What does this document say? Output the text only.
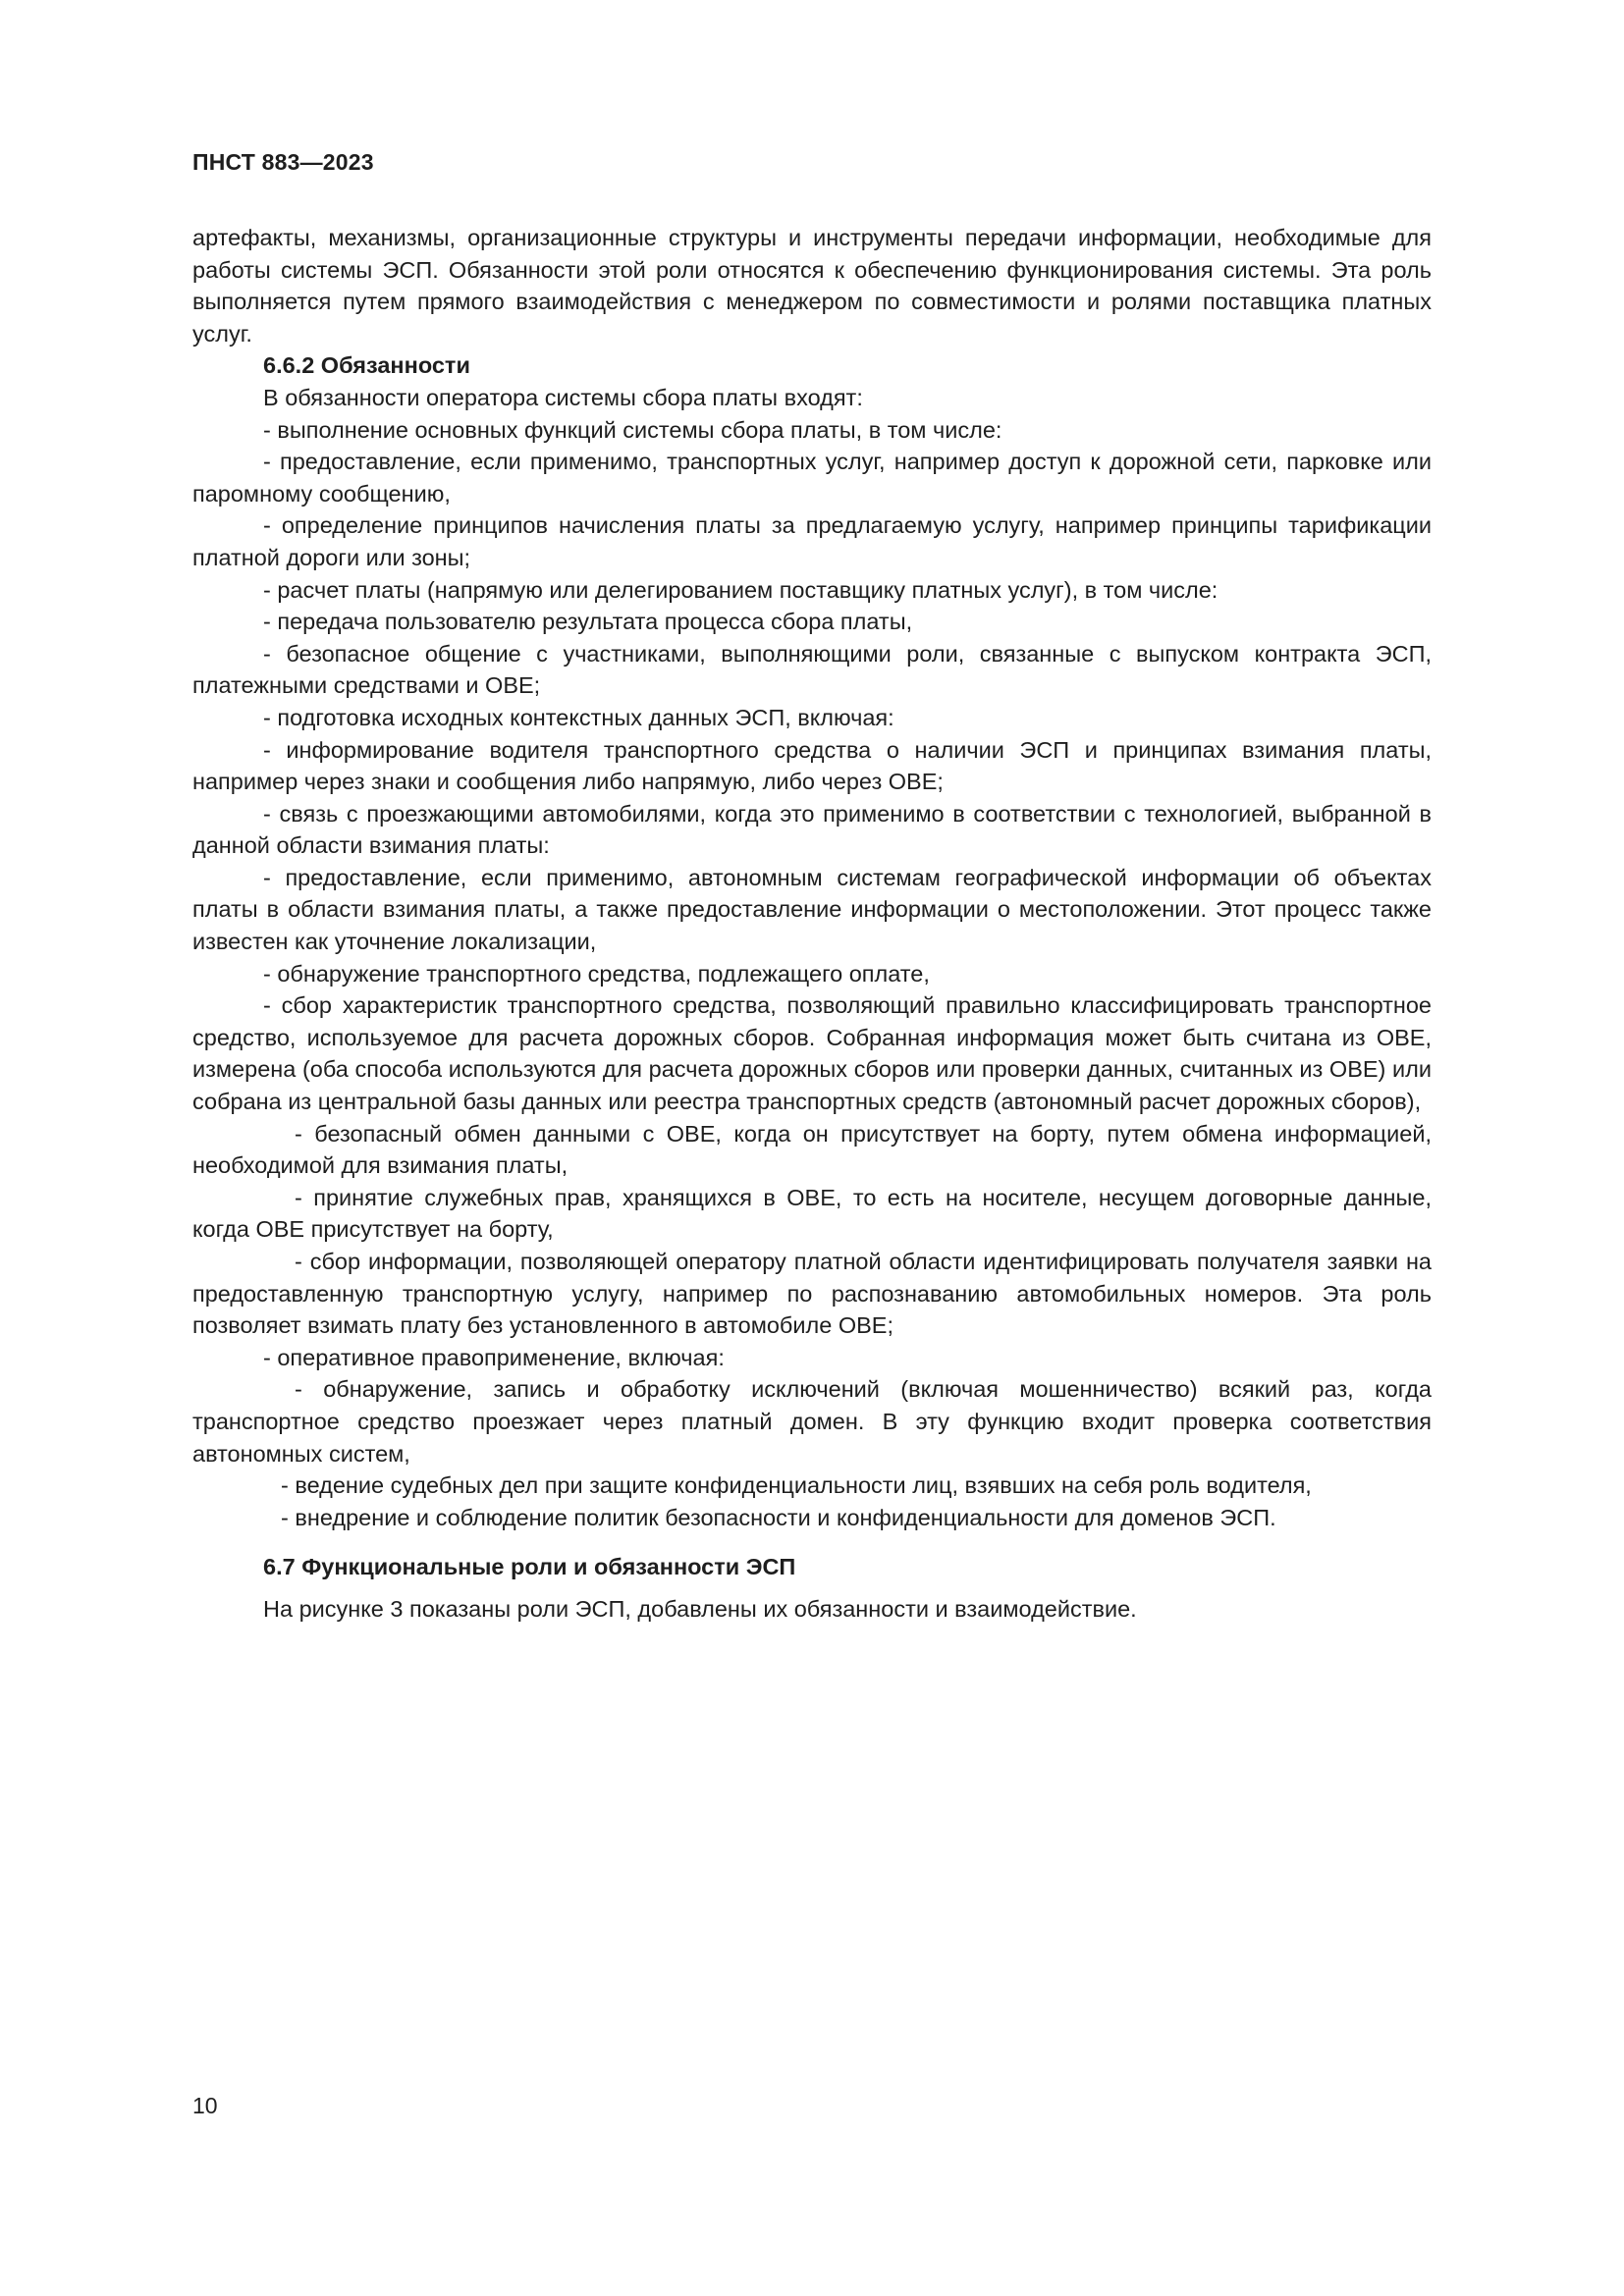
ПНСТ 883—2023

артефакты, механизмы, организационные структуры и инструменты передачи информации, необходимые для работы системы ЭСП. Обязанности этой роли относятся к обеспечению функционирования системы. Эта роль выполняется путем прямого взаимодействия с менеджером по совместимости и ролями поставщика платных услуг.

6.6.2 Обязанности

В обязанности оператора системы сбора платы входят:

- выполнение основных функций системы сбора платы, в том числе:

- предоставление, если применимо, транспортных услуг, например доступ к дорожной сети, парковке или паромному сообщению,

- определение принципов начисления платы за предлагаемую услугу, например принципы тарификации платной дороги или зоны;

- расчет платы (напрямую или делегированием поставщику платных услуг), в том числе:

- передача пользователю результата процесса сбора платы,

- безопасное общение с участниками, выполняющими роли, связанные с выпуском контракта ЭСП, платежными средствами и ОВЕ;

- подготовка исходных контекстных данных ЭСП, включая:

- информирование водителя транспортного средства о наличии ЭСП и принципах взимания платы, например через знаки и сообщения либо напрямую, либо через ОВЕ;

- связь с проезжающими автомобилями, когда это применимо в соответствии с технологией, выбранной в данной области взимания платы:

- предоставление, если применимо, автономным системам географической информации об объектах платы в области взимания платы, а также предоставление информации о местоположении. Этот процесс также известен как уточнение локализации,

- обнаружение транспортного средства, подлежащего оплате,

- сбор характеристик транспортного средства, позволяющий правильно классифицировать транспортное средство, используемое для расчета дорожных сборов. Собранная информация может быть считана из ОВЕ, измерена (оба способа используются для расчета дорожных сборов или проверки данных, считанных из ОВЕ) или собрана из центральной базы данных или реестра транспортных средств (автономный расчет дорожных сборов),

- безопасный обмен данными с ОВЕ, когда он присутствует на борту, путем обмена информацией, необходимой для взимания платы,

- принятие служебных прав, хранящихся в ОВЕ, то есть на носителе, несущем договорные данные, когда ОВЕ присутствует на борту,

- сбор информации, позволяющей оператору платной области идентифицировать получателя заявки на предоставленную транспортную услугу, например по распознаванию автомобильных номеров. Эта роль позволяет взимать плату без установленного в автомобиле ОВЕ;

- оперативное правоприменение, включая:

- обнаружение, запись и обработку исключений (включая мошенничество) всякий раз, когда транспортное средство проезжает через платный домен. В эту функцию входит проверка соответствия автономных систем,

- ведение судебных дел при защите конфиденциальности лиц, взявших на себя роль водителя,

- внедрение и соблюдение политик безопасности и конфиденциальности для доменов ЭСП.

6.7 Функциональные роли и обязанности ЭСП

На рисунке 3 показаны роли ЭСП, добавлены их обязанности и взаимодействие.

10
